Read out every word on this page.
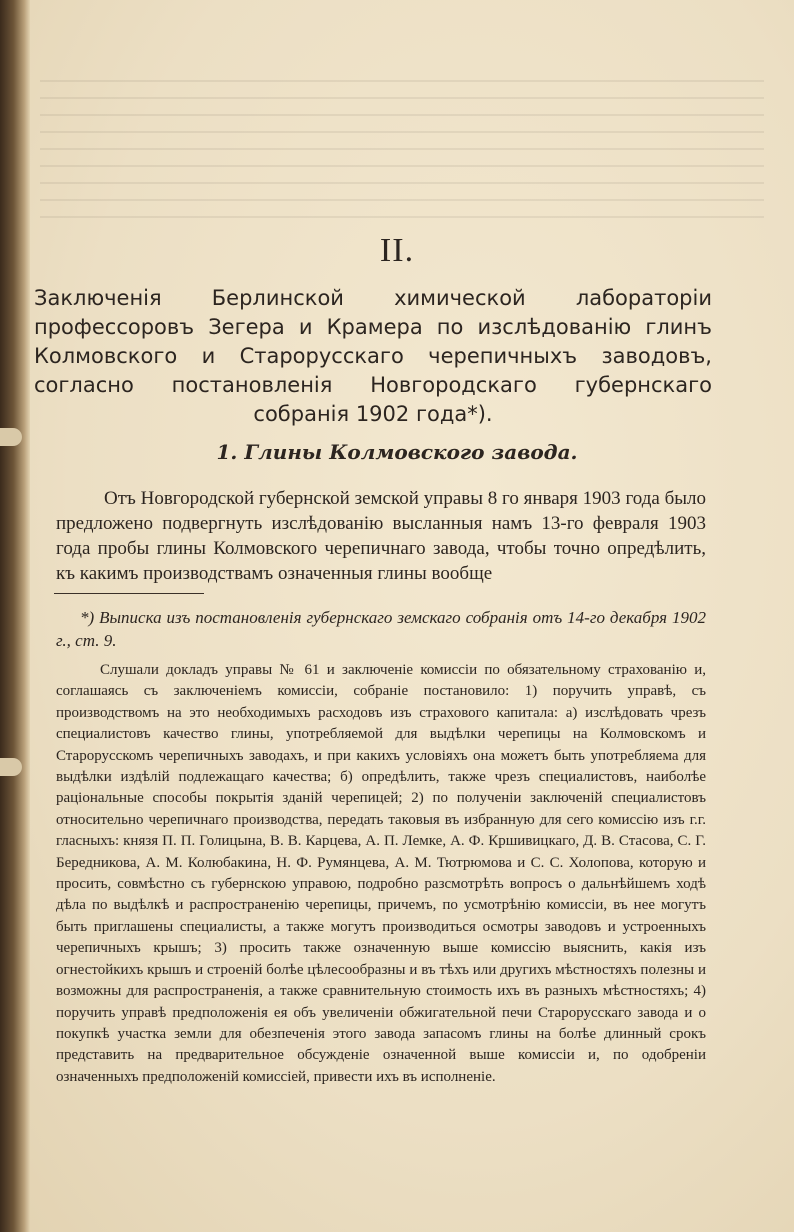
II.

Заключенія Берлинской химической лабораторіи профессоровъ Зегера и Крамера по изслѣдованію глинъ Колмовского и Старорусскаго черепичныхъ заводовъ, согласно постановленія Новгородскаго губернскаго собранія 1902 года*).

1. Глины Колмовского завода.

Отъ Новгородской губернской земской управы 8 го января 1903 года было предложено подвергнуть изслѣдованію высланныя намъ 13-го февраля 1903 года пробы глины Колмовского черепичнаго завода, чтобы точно опредѣлить, къ какимъ производствамъ означенныя глины вообще

*) Выписка изъ постановленія губернскаго земскаго собранія отъ 14-го декабря 1902 г., ст. 9.

Слушали докладъ управы № 61 и заключеніе комиссіи по обязательному страхованію и, соглашаясь съ заключеніемъ комиссіи, собраніе постановило: 1) поручить управѣ, съ производствомъ на это необходимыхъ расходовъ изъ страхового капитала: а) изслѣдовать чрезъ специалистовъ качество глины, употребляемой для выдѣлки черепицы на Колмовскомъ и Старорусскомъ черепичныхъ заводахъ, и при какихъ условіяхъ она можетъ быть употребляема для выдѣлки издѣлій подлежащаго качества; б) опредѣлить, также чрезъ специалистовъ, наиболѣе раціональные способы покрытія зданій черепицей; 2) по полученіи заключеній специалистовъ относительно черепичнаго производства, передать таковыя въ избранную для сего комиссію изъ г.г. гласныхъ: князя П. П. Голицына, В. В. Карцева, А. П. Лемке, А. Ф. Кршивицкаго, Д. В. Стасова, С. Г. Бередникова, А. М. Колюбакина, Н. Ф. Румянцева, А. М. Тютрюмова и С. С. Холопова, которую и просить, совмѣстно съ губернскою управою, подробно разсмотрѣть вопросъ о дальнѣйшемъ ходѣ дѣла по выдѣлкѣ и распространенію черепицы, причемъ, по усмотрѣнію комиссіи, въ нее могутъ быть приглашены специалисты, а также могутъ производиться осмотры заводовъ и устроенныхъ черепичныхъ крышъ; 3) просить также означенную выше комиссію выяснить, какія изъ огнестойкихъ крышъ и строеній болѣе цѣлесообразны и въ тѣхъ или другихъ мѣстностяхъ полезны и возможны для распространенія, а также сравнительную стоимость ихъ въ разныхъ мѣстностяхъ; 4) поручить управѣ предположенія ея объ увеличеніи обжигательной печи Старорусскаго завода и о покупкѣ участка земли для обезпеченія этого завода запасомъ глины на болѣе длинный срокъ представить на предварительное обсужденіе означенной выше комиссіи и, по одобреніи означенныхъ предположеній комиссіей, привести ихъ въ исполненіе.
